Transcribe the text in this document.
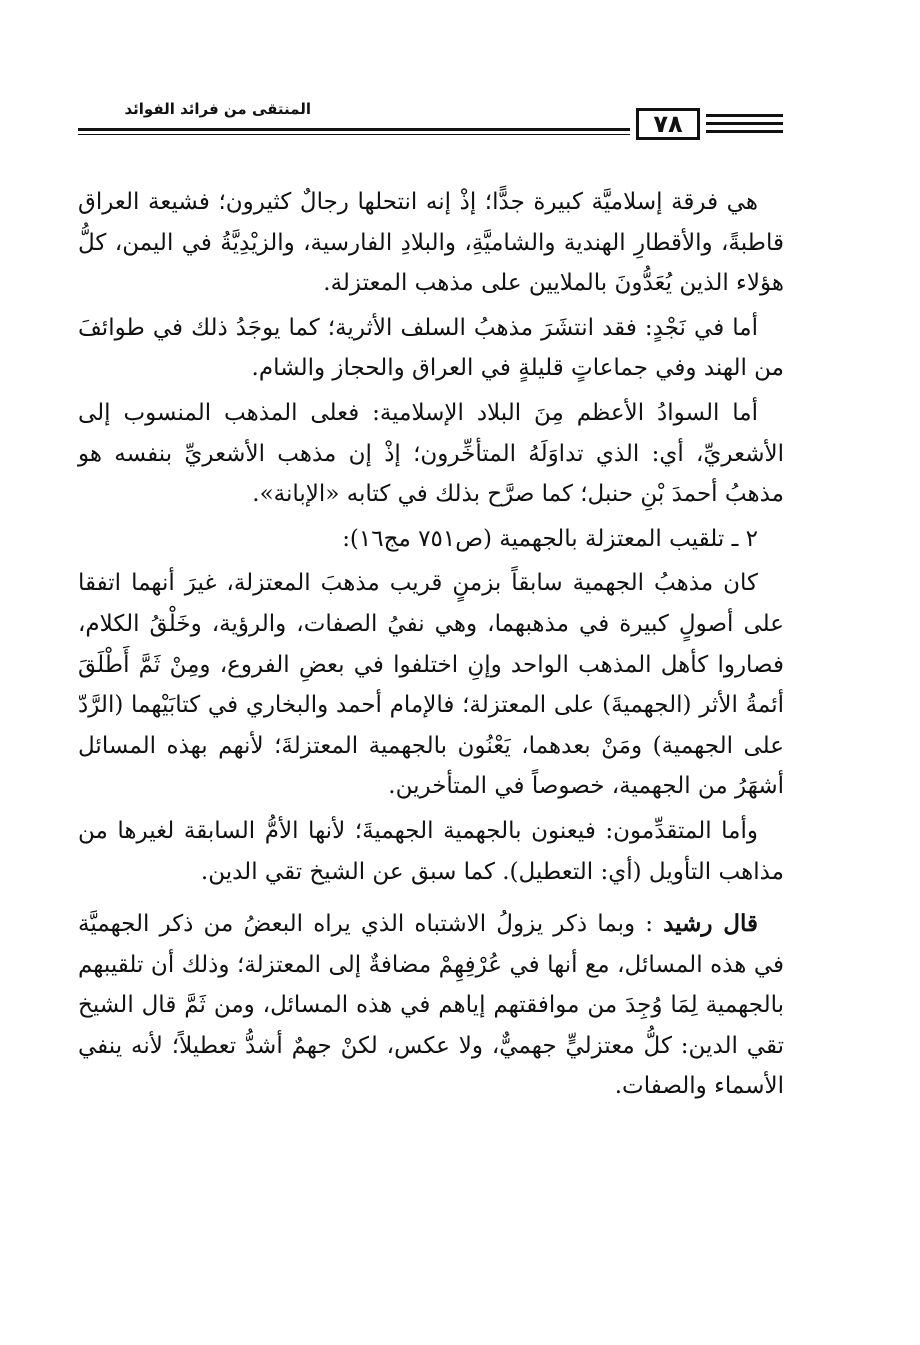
٧٨
المنتقى من فرائد الفوائد

هي فرقة إسلاميَّة كبيرة جدًّا؛ إذْ إنه انتحلها رجالٌ كثيرون؛ فشيعة العراق قاطبةً، والأقطارِ الهندية والشاميَّةِ، والبلادِ الفارسية، والزيْدِيَّةُ في اليمن، كلُّ هؤلاء الذين يُعَدُّونَ بالملايين على مذهب المعتزلة.

أما في نَجْدٍ: فقد انتشَرَ مذهبُ السلف الأثرية؛ كما يوجَدُ ذلك في طوائفَ من الهند وفي جماعاتٍ قليلةٍ في العراق والحجاز والشام.

أما السوادُ الأعظم مِنَ البلاد الإسلامية: فعلى المذهب المنسوب إلى الأشعريِّ، أي: الذي تداوَلَهُ المتأخِّرون؛ إذْ إن مذهب الأشعريِّ بنفسه هو مذهبُ أحمدَ بْنِ حنبل؛ كما صرَّح بذلك في كتابه «الإبانة».

٢ ـ تلقيب المعتزلة بالجهمية (ص٧٥١ مج١٦):

كان مذهبُ الجهمية سابقاً بزمنٍ قريب مذهبَ المعتزلة، غيرَ أنهما اتفقا على أصولٍ كبيرة في مذهبهما، وهي نفيُ الصفات، والرؤية، وخَلْقُ الكلام، فصاروا كأهل المذهب الواحد وإنِ اختلفوا في بعضِ الفروع، ومِنْ ثَمَّ أَطْلَقَ أئمةُ الأثر (الجهميةَ) على المعتزلة؛ فالإمام أحمد والبخاري في كتابَيْهما (الرَّدّ على الجهمية) ومَنْ بعدهما، يَعْنُون بالجهمية المعتزلةَ؛ لأنهم بهذه المسائل أشهَرُ من الجهمية، خصوصاً في المتأخرين.

وأما المتقدِّمون: فيعنون بالجهمية الجهميةَ؛ لأنها الأمُّ السابقة لغيرها من مذاهب التأويل (أي: التعطيل). كما سبق عن الشيخ تقي الدين.

قال رشيد : وبما ذكر يزولُ الاشتباه الذي يراه البعضُ من ذكر الجهميَّة في هذه المسائل، مع أنها في عُرْفِهِمْ مضافةٌ إلى المعتزلة؛ وذلك أن تلقيبهم بالجهمية لِمَا وُجِدَ من موافقتهم إياهم في هذه المسائل، ومن ثَمَّ قال الشيخ تقي الدين: كلُّ معتزليٍّ جهميٌّ، ولا عكس، لكنْ جهمٌ أشدُّ تعطيلاً؛ لأنه ينفي الأسماء والصفات.
